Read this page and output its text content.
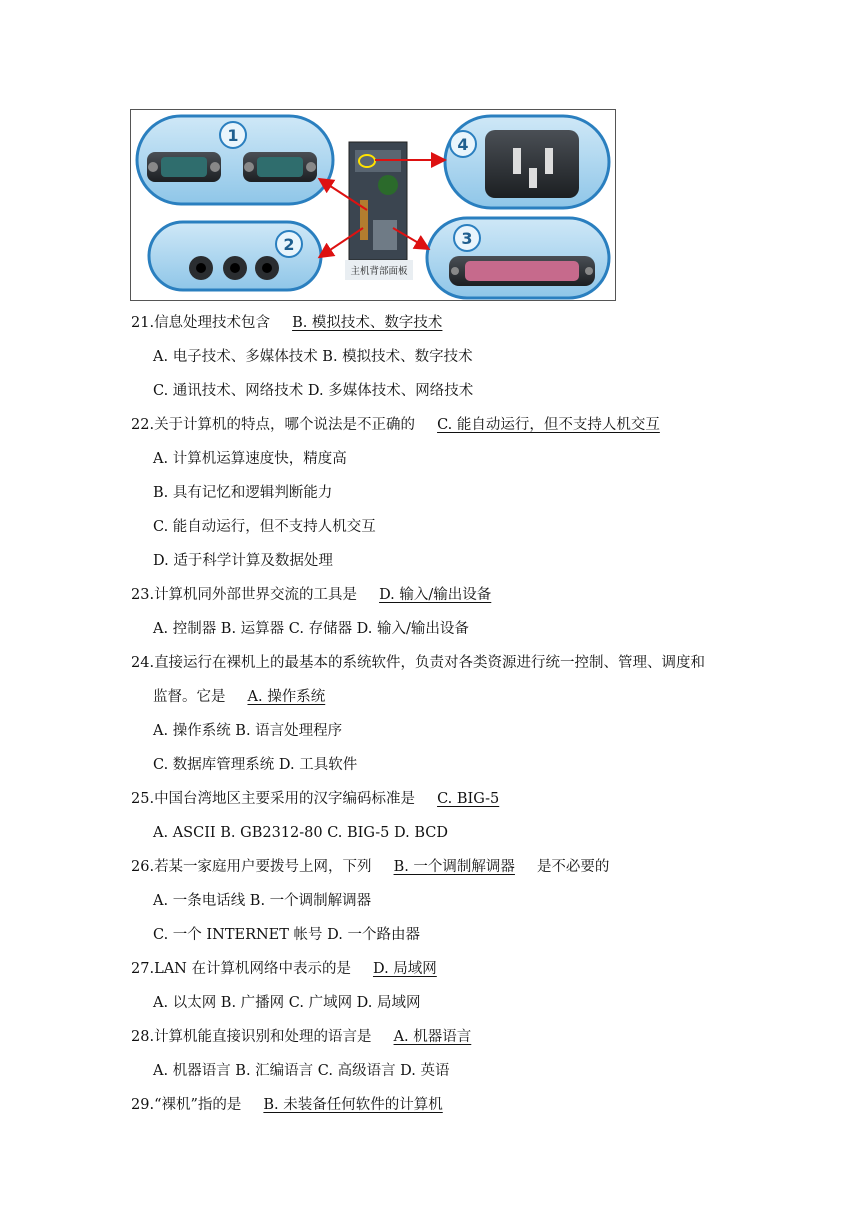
1
2
主机背部面板
4
3
21.信息处理技术包含 B. 模拟技术、数字技术
A. 电子技术、多媒体技术 B. 模拟技术、数字技术
C. 通讯技术、网络技术 D. 多媒体技术、网络技术
22.关于计算机的特点，哪个说法是不正确的 C. 能自动运行，但不支持人机交互
A. 计算机运算速度快，精度高
B. 具有记忆和逻辑判断能力
C. 能自动运行，但不支持人机交互
D. 适于科学计算及数据处理
23.计算机同外部世界交流的工具是 D. 输入/输出设备
A. 控制器 B. 运算器 C. 存储器 D. 输入/输出设备
24.直接运行在裸机上的最基本的系统软件，负责对各类资源进行统一控制、管理、调度和
监督。它是 A. 操作系统
A. 操作系统 B. 语言处理程序
C. 数据库管理系统 D. 工具软件
25.中国台湾地区主要采用的汉字编码标准是 C. BIG-5
A. ASCII B. GB2312-80 C. BIG-5 D. BCD
26.若某一家庭用户要拨号上网，下列 B. 一个调制解调器 是不必要的
A. 一条电话线 B. 一个调制解调器
C. 一个 INTERNET 帐号 D. 一个路由器
27.LAN 在计算机网络中表示的是 D. 局域网
A. 以太网 B. 广播网 C. 广域网 D. 局域网
28.计算机能直接识别和处理的语言是 A. 机器语言
A. 机器语言 B. 汇编语言 C. 高级语言 D. 英语
29.“裸机”指的是 B. 未装备任何软件的计算机
